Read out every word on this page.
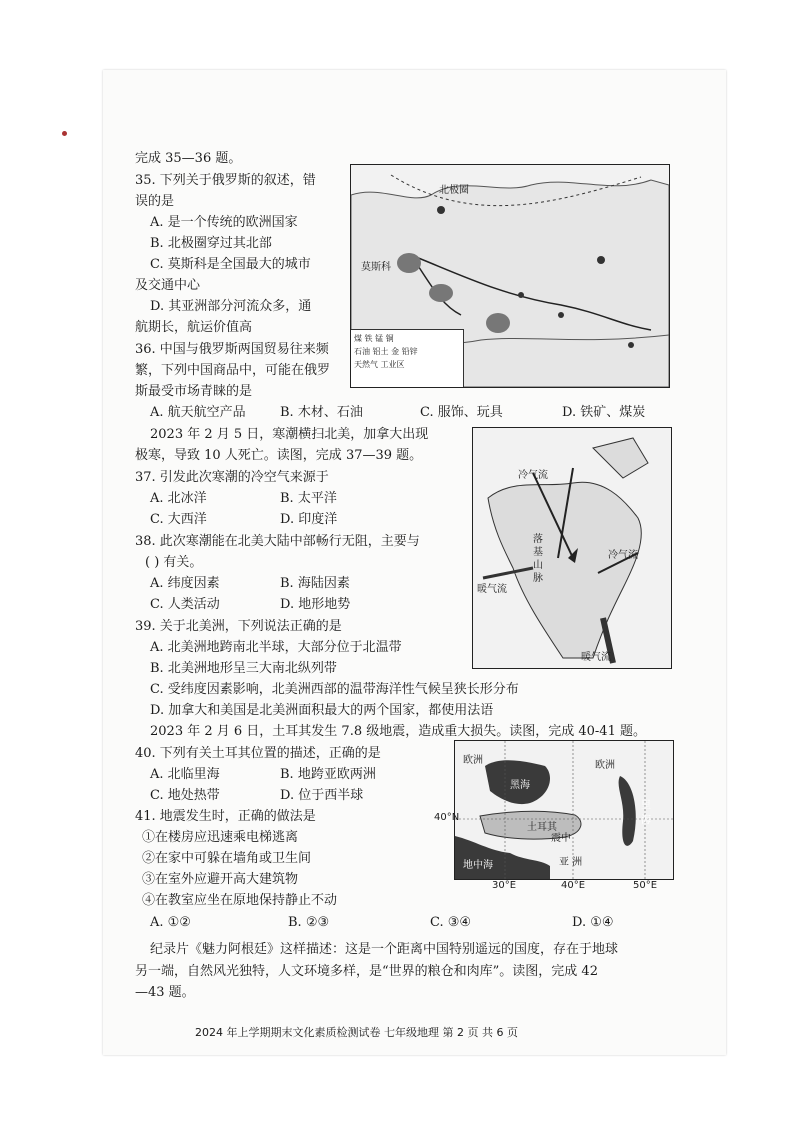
完成 35—36 题。
35. 下列关于俄罗斯的叙述，错
误的是
A. 是一个传统的欧洲国家
B. 北极圈穿过其北部
C. 莫斯科是全国最大的城市
及交通中心
D. 其亚洲部分河流众多，通
航期长，航运价值高
36. 中国与俄罗斯两国贸易往来频
繁，下列中国商品中，可能在俄罗
斯最受市场青睐的是
A. 航天航空产品	B. 木材、石油	C. 服饰、玩具	D. 铁矿、煤炭
北极圈
莫斯科
煤 铁 锰 铜
石油 铝土 金 铅锌
天然气 工业区
2023 年 2 月 5 日，寒潮横扫北美，加拿大出现
极寒，导致 10 人死亡。读图，完成 37—39 题。
37. 引发此次寒潮的冷空气来源于
A. 北冰洋	B. 太平洋
C. 大西洋	D. 印度洋
38. 此次寒潮能在北美大陆中部畅行无阻，主要与
( ) 有关。
A. 纬度因素	B. 海陆因素
C. 人类活动	D. 地形地势
冷气流
冷气流
暖气流
暖气流
落 基 山 脉
39. 关于北美洲，下列说法正确的是
A. 北美洲地跨南北半球，大部分位于北温带
B. 北美洲地形呈三大南北纵列带
C. 受纬度因素影响，北美洲西部的温带海洋性气候呈狭长形分布
D. 加拿大和美国是北美洲面积最大的两个国家，都使用法语
2023 年 2 月 6 日，土耳其发生 7.8 级地震，造成重大损失。读图，完成 40-41 题。
40. 下列有关土耳其位置的描述，正确的是
A. 北临里海	B. 地跨亚欧两洲
C. 地处热带	D. 位于西半球
41. 地震发生时，正确的做法是
①在楼房应迅速乘电梯逃离
②在家中可躲在墙角或卫生间
③在室外应避开高大建筑物
④在教室应坐在原地保持静止不动
A. ①②	B. ②③	C. ③④	D. ①④
欧洲	欧洲
黑海
里海
土耳其
震中
亚 洲
地中海
40°N
30°E	40°E	50°E
纪录片《魅力阿根廷》这样描述：这是一个距离中国特别遥远的国度，存在于地球
另一端，自然风光独特，人文环境多样，是“世界的粮仓和肉库”。读图，完成 42
—43 题。
2024 年上学期期末文化素质检测试卷 七年级地理 第 2 页 共 6 页
